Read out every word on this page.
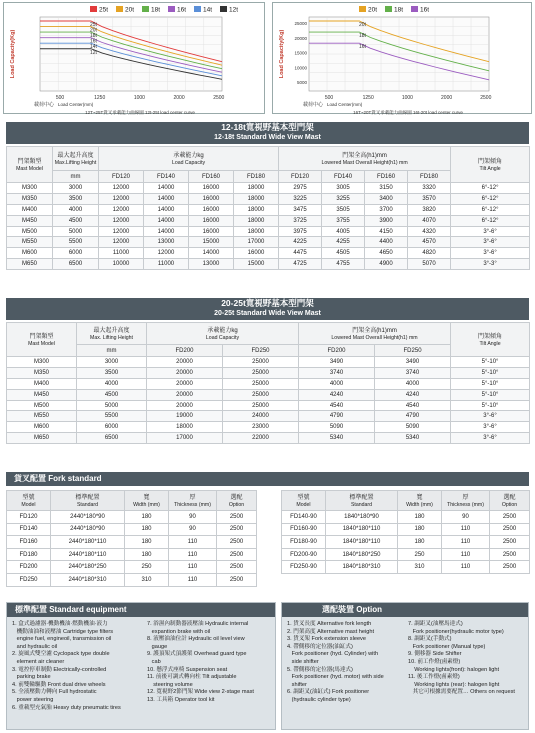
25t	20t	18t	16t	14t	12t
25t
20t
18t
16t
14t
12t
Load Capacity(Kg)
500	1250	1000	2000	2500
載荷中心 Load Center(mm)
12T~25T貨叉承載能力曲線圖 12t-25t load center curve
20t	18t	16t
20t
18t
16t
25000
20000
15000
10000
5000
Load Capacity(Kg)
500	1250	1000	2000	2500
載荷中心 Load Center(mm)
16T~20T貨叉承載能力曲線圖 16t-20t load center curve
12-18t寬視野基本型門架
12-18t Standard Wide View Mast
門架類型
Mast Model	最大起升高度
Max.Lifting Height	承載能力kg
Load Capacity				門架全高(h1)mm
Lowered Mast Overall Height(h1) mm				門架傾角
Tilt Angle

	mm	FD120	FD140	FD160	FD180	FD120	FD140	FD160	FD180	
M300	3000	12000	14000	16000	18000	2975	3005	3150	3320	6°-12°
M350	3500	12000	14000	16000	18000	3225	3255	3400	3570	6°-12°
M400	4000	12000	14000	16000	18000	3475	3505	3700	3820	6°-12°
M450	4500	12000	14000	16000	18000	3725	3755	3900	4070	6°-12°
M500	5000	12000	14000	16000	18000	3975	4005	4150	4320	3°-6°
M550	5500	12000	13000	15000	17000	4225	4255	4400	4570	3°-6°
M600	6000	11000	12000	14000	16000	4475	4505	4650	4820	3°-6°
M650	6500	10000	11000	13000	15000	4725	4755	4900	5070	3°-3°
20-25t寬視野基本型門架
20-25t Standard Wide View Mast
門架類型
Mast Model	最大起升高度
Max. Lifting Height	承載能力kg
Load Capacity		門架全高(h1)mm
Lowered Mast Overall Height(h1) mm		門架傾角
Tilt Angle

	mm	FD200	FD250	FD200	FD250	
M300	3000	20000	25000	3490	3490	5°-10°
M350	3500	20000	25000	3740	3740	5°-10°
M400	4000	20000	25000	4000	4000	5°-10°
M450	4500	20000	25000	4240	4240	5°-10°
M500	5000	20000	25000	4540	4540	5°-10°
M550	5500	19000	24000	4790	4790	3°-6°
M600	6000	18000	23000	5090	5090	3°-6°
M650	6500	17000	22000	5340	5340	3°-6°
貨叉配置 Fork standard
型號
Model	標準配置
Standard	寬
Width (mm)	厚
Thickness (mm)	選配
Option

FD120	2440*180*90	180	90	2500
FD140	2440*180*90	180	90	2500
FD160	2440*180*110	180	110	2500
FD180	2440*180*110	180	110	2500
FD200	2440*180*250	250	110	2500
FD250	2440*180*310	310	110	2500
型號
Model	標準配置
Standard	寬
Width (mm)	厚
Thickness (mm)	選配
Option

FD140-90	1840*180*90	180	90	2500
FD160-90	1840*180*110	180	110	2500
FD180-90	1840*180*110	180	110	2500
FD200-90	1840*180*250	250	110	2500
FD250-90	1840*180*310	310	110	2500
標準配置 Standard equipment
1. 盒式過濾器·機動機油·燃動機油·液力
機動油油和液壓油 Cartridge type filters
engine fuel, engineoil, transmission oil
and hydraulic oil
2. 旋風式雙空濾 Cyclopack type double
element air cleaner
3. 電控停車制動 Electrically-controlled
parking brake
4. 前雙輪驅動 Front dual drive wheels
5. 全液壓動力轉向 Full hydrostatic
power steering
6. 重載型充氣胎 Heavy duty pneumatic tires
7. 浴濕內制動器液壓油 Hydraulic internal
expantion brake with oil
8. 液壓油油位計 Hydraulic oil level view
gauge
9. 護頂架式頂護架 Overhead guard type
cab
10. 懸浮式座椅 Suspension seat
11. 前後可調式轉向柱 Tilt adjustable
steering volume
12. 寬視野2節門架 Wide view 2-stage mast
13. 工具箱 Operator tool kit
選配裝置 Option
1. 貨叉長度 Alternative fork length
2. 門架高度 Alternative mast height
3. 貨叉架 Fork extension sleeve
4. 帶側移的定位器(油缸式)
Fork positioner (hyd. Cylinder) with
side shifter
5. 帶側移的定位器(馬達式)
Fork positioner (hyd. motor) with side
shifter
6. 調距叉(油缸式) Fork positioner
(hydraulic cylinder type)
7. 調距叉(油壓馬達式)
Fork positioner(hydraulic motor type)
8. 調距叉(手動式)
Fork positioner (Manual type)
9. 側移器 Side Shifter
10. 前工作燈(鹵素燈)
Working lights(front): halogen light
11. 後工作燈(鹵素燈)
Working lights (rear): halogen light
其它可根據需要配置… Others on request
